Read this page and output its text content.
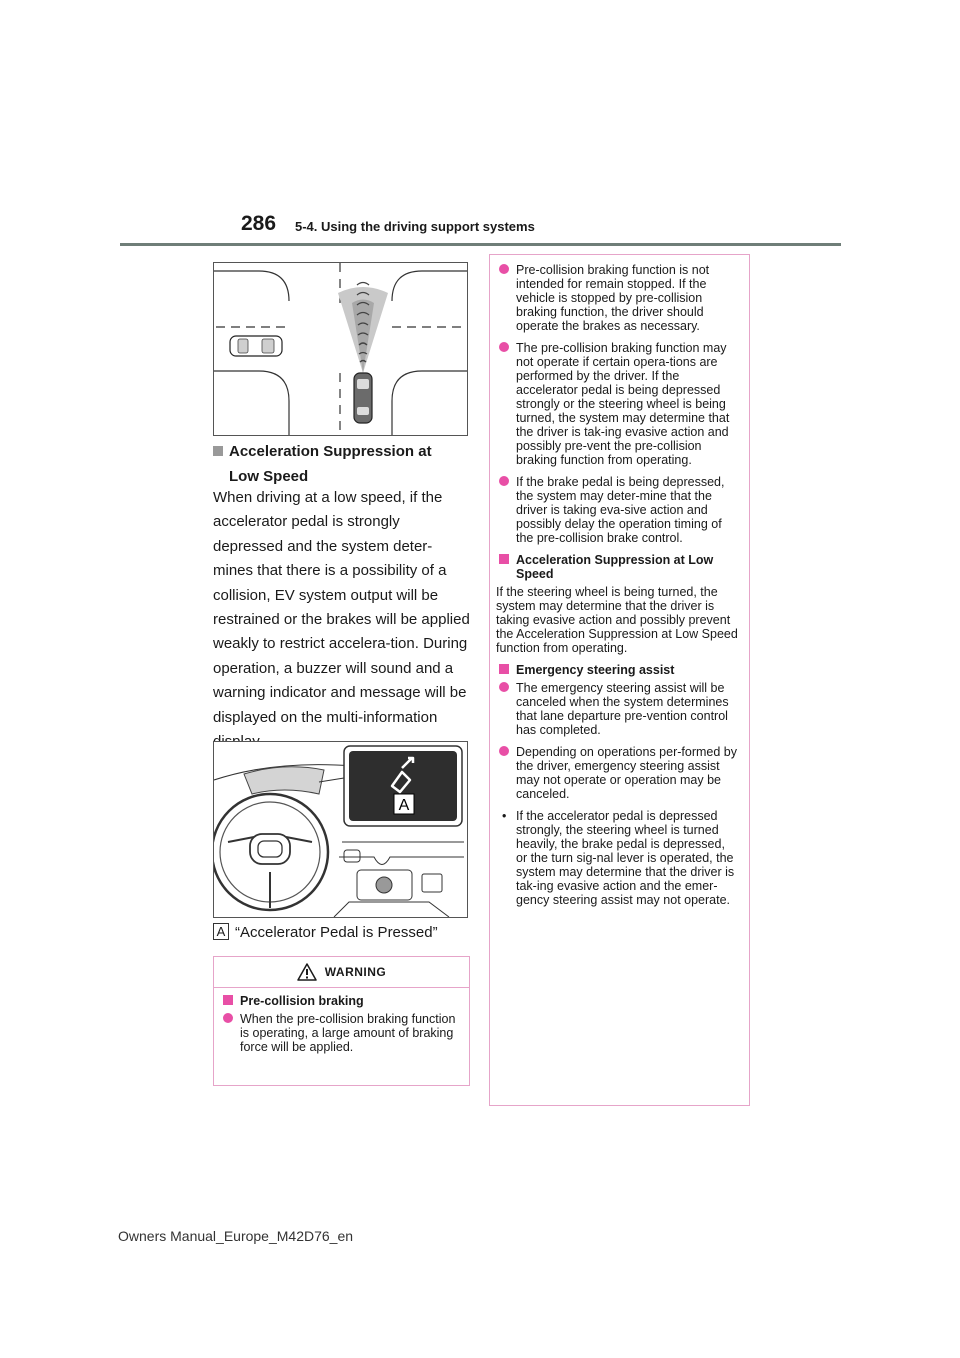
286 5-4. Using the driving support systems
Acceleration Suppression at
Low Speed

When driving at a low speed, if the accelerator pedal is strongly depressed and the system deter-mines that there is a possibility of a collision, EV system output will be restrained or the brakes will be applied weakly to restrict accelera-tion. During operation, a buzzer will sound and a warning indicator and message will be displayed on the multi-information

A
A “Accelerator Pedal is Pressed”
WARNING
Pre-collision braking
When the pre-collision braking function is operating, a large amount of braking force will be applied.
Pre-collision braking function is not intended for remain stopped. If the vehicle is stopped by pre-collision braking function, the driver should operate the brakes as necessary.
The pre-collision braking function may not operate if certain opera-tions are performed by the driver. If the accelerator pedal is being depressed strongly or the steering wheel is being turned, the system may determine that the driver is tak-ing evasive action and possibly pre-vent the pre-collision braking function from operating.
If the brake pedal is being depressed, the system may deter-mine that the driver is taking eva-sive action and possibly delay the operation timing of the pre-collision brake control.
Acceleration Suppression at Low Speed
If the steering wheel is being turned, the system may determine that the driver is taking evasive action and possibly prevent the Acceleration Suppression at Low Speed function from operating.
Emergency steering assist
The emergency steering assist will be canceled when the system determines that lane departure pre-vention control has completed.
Depending on operations per-formed by the driver, emergency steering assist may not operate or operation may be canceled.
• If the accelerator pedal is depressed strongly, the steering wheel is turned heavily, the brake pedal is depressed, or the turn sig-nal lever is operated, the system may determine that the driver is tak-ing evasive action and the emer-gency steering assist may not operate.
Owners Manual_Europe_M42D76_en
